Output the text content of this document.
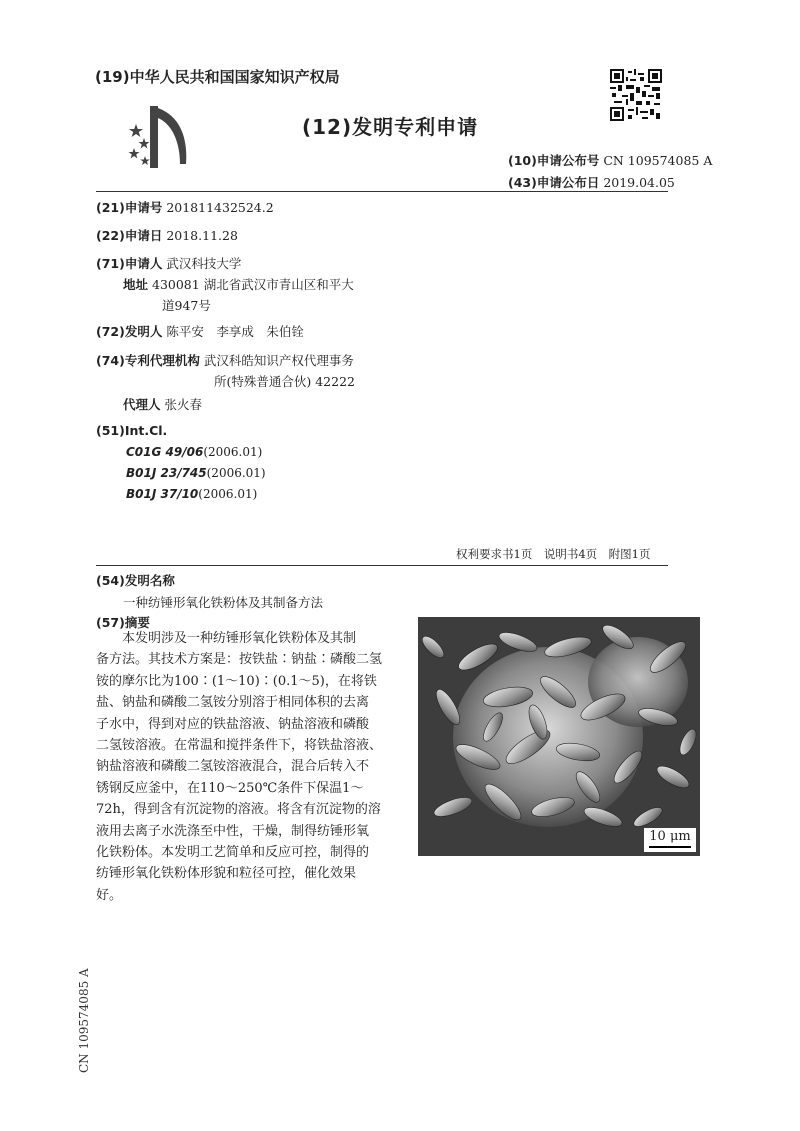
(19)中华人民共和国国家知识产权局
(12)发明专利申请
(10)申请公布号 CN 109574085 A
(43)申请公布日 2019.04.05
(21)申请号 201811432524.2
(22)申请日 2018.11.28
(71)申请人 武汉科技大学
地址 430081 湖北省武汉市青山区和平大
道947号
(72)发明人 陈平安　李享成　朱伯铨
(74)专利代理机构 武汉科皓知识产权代理事务
所(特殊普通合伙) 42222
代理人 张火春
(51)Int.Cl.
C01G 49/06(2006.01)
B01J 23/745(2006.01)
B01J 37/10(2006.01)
权利要求书1页　说明书4页　附图1页
(54)发明名称
一种纺锤形氧化铁粉体及其制备方法
(57)摘要
本发明涉及一种纺锤形氧化铁粉体及其制
备方法。其技术方案是：按铁盐∶钠盐∶磷酸二氢
铵的摩尔比为100∶(1～10)∶(0.1～5)，在将铁
盐、钠盐和磷酸二氢铵分别溶于相同体积的去离
子水中，得到对应的铁盐溶液、钠盐溶液和磷酸
二氢铵溶液。在常温和搅拌条件下，将铁盐溶液、
钠盐溶液和磷酸二氢铵溶液混合，混合后转入不
锈钢反应釜中，在110～250℃条件下保温1～
72h，得到含有沉淀物的溶液。将含有沉淀物的溶
液用去离子水洗涤至中性，干燥，制得纺锤形氧
化铁粉体。本发明工艺简单和反应可控，制得的
纺锤形氧化铁粉体形貌和粒径可控，催化效果
好。
10 μm
CN 109574085 A
